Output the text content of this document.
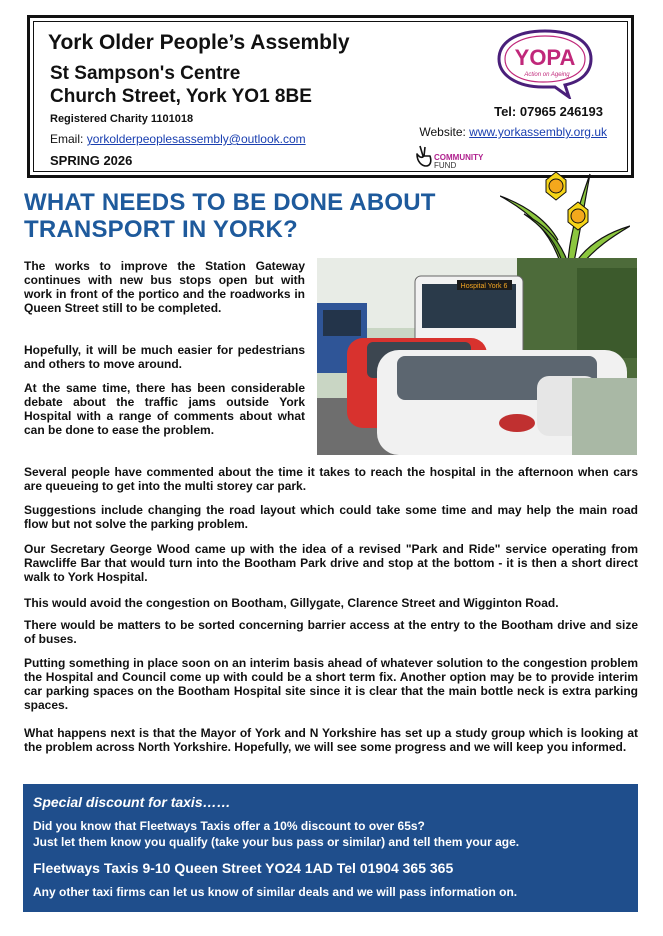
York Older People’s Assembly
St Sampson's Centre
Church Street, York YO1 8BE
Registered Charity 1101018
Email: yorkolderpeoplesassembly@outlook.com
SPRING 2026
YOPA
Action on Ageing
Tel: 07965 246193
Website: www.yorkassembly.org.uk
COMMUNITY
FUND
WHAT NEEDS TO BE DONE ABOUT
TRANSPORT IN YORK?
Hospital York 6

The works to improve the Station Gateway continues with new bus stops open but with work in front of the portico and the roadworks in Queen Street still to be completed.

Hopefully, it will be much easier for pedestrians and others to move around.

At the same time, there has been considerable debate about the traffic jams outside York Hospital with a range of comments about what can be done to ease the problem.

Several people have commented about the time it takes to reach the hospital in the afternoon when cars are queueing to get into the multi storey car park.

Suggestions include changing the road layout which could take some time and may help the main road flow but not solve the parking problem.

Our Secretary George Wood came up with the idea of a revised "Park and Ride" service operating from Rawcliffe Bar that would turn into the Bootham Park drive and stop at the bottom - it is then a short direct walk to York Hospital.

This would avoid the congestion on Bootham, Gillygate, Clarence Street and Wigginton Road.

There would be matters to be sorted concerning barrier access at the entry to the Bootham drive and size of buses.

Putting something in place soon on an interim basis ahead of whatever solution to the congestion problem the Hospital and Council come up with could be a short term fix. Another option may be to provide interim car parking spaces on the Bootham Hospital site since it is clear that the main bottle neck is extra parking spaces.

What happens next is that the Mayor of York and N Yorkshire has set up a study group which is looking at the problem across North Yorkshire. Hopefully, we will see some progress and we will keep you informed.

Special discount for taxis……
Did you know that Fleetways Taxis offer a 10% discount to over 65s?
Just let them know you qualify (take your bus pass or similar) and tell them your age.
Fleetways Taxis 9-10 Queen Street YO24 1AD Tel 01904 365 365
Any other taxi firms can let us know of similar deals and we will pass information on.
